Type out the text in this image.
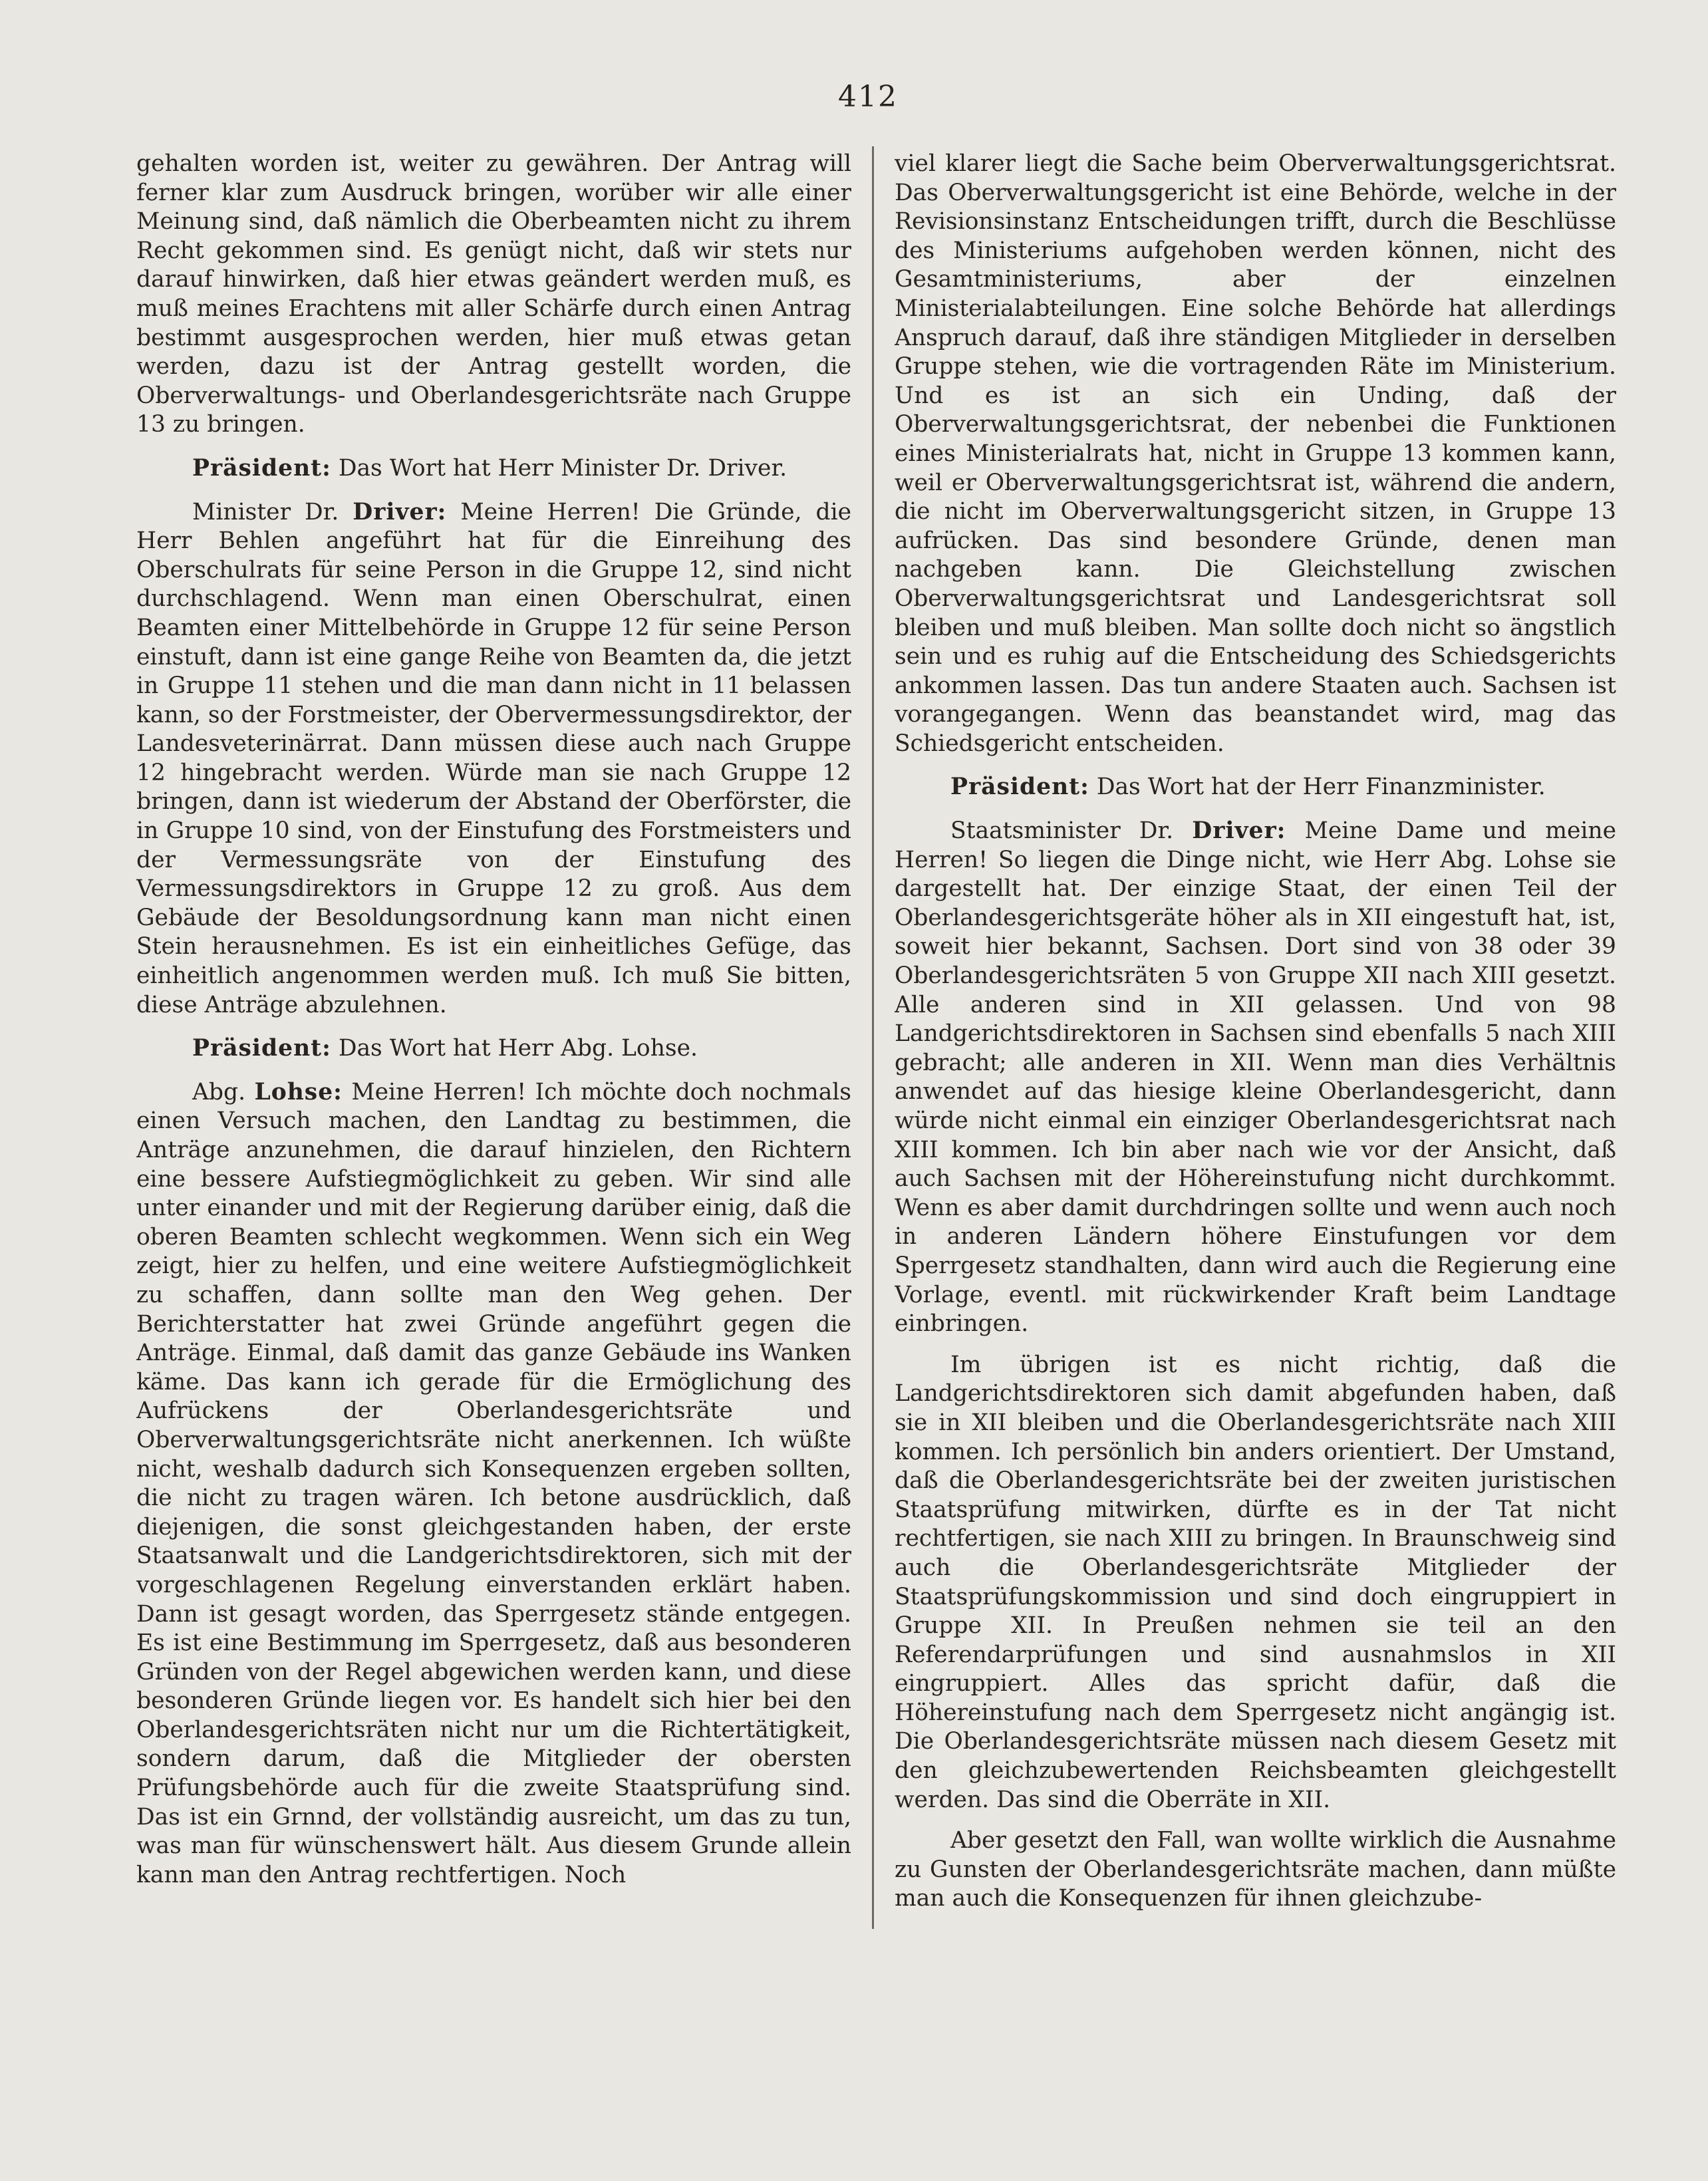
412

gehalten worden ist, weiter zu gewähren. Der Antrag will ferner klar zum Ausdruck bringen, worüber wir alle einer Meinung sind, daß nämlich die Oberbeamten nicht zu ihrem Recht gekommen sind. Es genügt nicht, daß wir stets nur darauf hinwirken, daß hier etwas geändert werden muß, es muß meines Erachtens mit aller Schärfe durch einen Antrag bestimmt ausgesprochen werden, hier muß etwas getan werden, dazu ist der Antrag gestellt worden, die Oberverwaltungs- und Oberlandesgerichtsräte nach Gruppe 13 zu bringen.

Präsident: Das Wort hat Herr Minister Dr. Driver.

Minister Dr. Driver: Meine Herren! Die Gründe, die Herr Behlen angeführt hat für die Einreihung des Oberschulrats für seine Person in die Gruppe 12, sind nicht durchschlagend. Wenn man einen Oberschulrat, einen Beamten einer Mittelbehörde in Gruppe 12 für seine Person einstuft, dann ist eine gange Reihe von Beamten da, die jetzt in Gruppe 11 stehen und die man dann nicht in 11 belassen kann, so der Forstmeister, der Obervermessungsdirektor, der Landesveterinärrat. Dann müssen diese auch nach Gruppe 12 hingebracht werden. Würde man sie nach Gruppe 12 bringen, dann ist wiederum der Abstand der Oberförster, die in Gruppe 10 sind, von der Einstufung des Forstmeisters und der Vermessungsräte von der Einstufung des Vermessungsdirektors in Gruppe 12 zu groß. Aus dem Gebäude der Besoldungsordnung kann man nicht einen Stein herausnehmen. Es ist ein einheitliches Gefüge, das einheitlich angenommen werden muß. Ich muß Sie bitten, diese Anträge abzulehnen.

Präsident: Das Wort hat Herr Abg. Lohse.

Abg. Lohse: Meine Herren! Ich möchte doch nochmals einen Versuch machen, den Landtag zu bestimmen, die Anträge anzunehmen, die darauf hinzielen, den Richtern eine bessere Aufstiegmöglichkeit zu geben. Wir sind alle unter einander und mit der Regierung darüber einig, daß die oberen Beamten schlecht wegkommen. Wenn sich ein Weg zeigt, hier zu helfen, und eine weitere Aufstiegmöglichkeit zu schaffen, dann sollte man den Weg gehen. Der Berichterstatter hat zwei Gründe angeführt gegen die Anträge. Einmal, daß damit das ganze Gebäude ins Wanken käme. Das kann ich gerade für die Ermöglichung des Aufrückens der Oberlandesgerichtsräte und Oberverwaltungsgerichtsräte nicht anerkennen. Ich wüßte nicht, weshalb dadurch sich Konsequenzen ergeben sollten, die nicht zu tragen wären. Ich betone ausdrücklich, daß diejenigen, die sonst gleichgestanden haben, der erste Staatsanwalt und die Landgerichtsdirektoren, sich mit der vorgeschlagenen Regelung einverstanden erklärt haben. Dann ist gesagt worden, das Sperrgesetz stände entgegen. Es ist eine Bestimmung im Sperrgesetz, daß aus besonderen Gründen von der Regel abgewichen werden kann, und diese besonderen Gründe liegen vor. Es handelt sich hier bei den Oberlandesgerichtsräten nicht nur um die Richtertätigkeit, sondern darum, daß die Mitglieder der obersten Prüfungsbehörde auch für die zweite Staatsprüfung sind. Das ist ein Grnnd, der vollständig ausreicht, um das zu tun, was man für wünschenswert hält. Aus diesem Grunde allein kann man den Antrag rechtfertigen. Noch

viel klarer liegt die Sache beim Oberverwaltungsgerichtsrat. Das Oberverwaltungsgericht ist eine Behörde, welche in der Revisionsinstanz Entscheidungen trifft, durch die Beschlüsse des Ministeriums aufgehoben werden können, nicht des Gesamtministeriums, aber der einzelnen Ministerialabteilungen. Eine solche Behörde hat allerdings Anspruch darauf, daß ihre ständigen Mitglieder in derselben Gruppe stehen, wie die vortragenden Räte im Ministerium. Und es ist an sich ein Unding, daß der Oberverwaltungsgerichtsrat, der nebenbei die Funktionen eines Ministerialrats hat, nicht in Gruppe 13 kommen kann, weil er Oberverwaltungsgerichtsrat ist, während die andern, die nicht im Oberverwaltungsgericht sitzen, in Gruppe 13 aufrücken. Das sind besondere Gründe, denen man nachgeben kann. Die Gleichstellung zwischen Oberverwaltungsgerichtsrat und Landesgerichtsrat soll bleiben und muß bleiben. Man sollte doch nicht so ängstlich sein und es ruhig auf die Entscheidung des Schiedsgerichts ankommen lassen. Das tun andere Staaten auch. Sachsen ist vorangegangen. Wenn das beanstandet wird, mag das Schiedsgericht entscheiden.

Präsident: Das Wort hat der Herr Finanzminister.

Staatsminister Dr. Driver: Meine Dame und meine Herren! So liegen die Dinge nicht, wie Herr Abg. Lohse sie dargestellt hat. Der einzige Staat, der einen Teil der Oberlandesgerichtsgeräte höher als in XII eingestuft hat, ist, soweit hier bekannt, Sachsen. Dort sind von 38 oder 39 Oberlandesgerichtsräten 5 von Gruppe XII nach XIII gesetzt. Alle anderen sind in XII gelassen. Und von 98 Landgerichtsdirektoren in Sachsen sind ebenfalls 5 nach XIII gebracht; alle anderen in XII. Wenn man dies Verhältnis anwendet auf das hiesige kleine Oberlandesgericht, dann würde nicht einmal ein einziger Oberlandesgerichtsrat nach XIII kommen. Ich bin aber nach wie vor der Ansicht, daß auch Sachsen mit der Höhereinstufung nicht durchkommt. Wenn es aber damit durchdringen sollte und wenn auch noch in anderen Ländern höhere Einstufungen vor dem Sperrgesetz standhalten, dann wird auch die Regierung eine Vorlage, eventl. mit rückwirkender Kraft beim Landtage einbringen.

Im übrigen ist es nicht richtig, daß die Landgerichtsdirektoren sich damit abgefunden haben, daß sie in XII bleiben und die Oberlandesgerichtsräte nach XIII kommen. Ich persönlich bin anders orientiert. Der Umstand, daß die Oberlandesgerichtsräte bei der zweiten juristischen Staatsprüfung mitwirken, dürfte es in der Tat nicht rechtfertigen, sie nach XIII zu bringen. In Braunschweig sind auch die Oberlandesgerichtsräte Mitglieder der Staatsprüfungskommission und sind doch eingruppiert in Gruppe XII. In Preußen nehmen sie teil an den Referendarprüfungen und sind ausnahmslos in XII eingruppiert. Alles das spricht dafür, daß die Höhereinstufung nach dem Sperrgesetz nicht angängig ist. Die Oberlandesgerichtsräte müssen nach diesem Gesetz mit den gleichzubewertenden Reichsbeamten gleichgestellt werden. Das sind die Oberräte in XII.

Aber gesetzt den Fall, wan wollte wirklich die Ausnahme zu Gunsten der Oberlandesgerichtsräte machen, dann müßte man auch die Konsequenzen für ihnen gleichzube-
